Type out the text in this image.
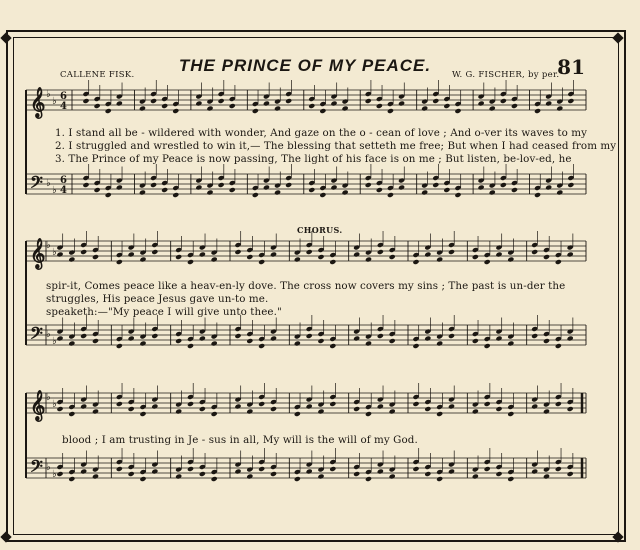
THE PRINCE OF MY PEACE.	81
CALLENE FISK.	W. G. FISCHER, by per.
CHORUS.
𝄞 ♭
♭ 6
4
𝄢 ♭
♭
6
4
𝄞 ♭
♭
𝄢 ♭
♭
𝄞 ♭
♭
𝄢 ♭
♭
1. I stand all be - wildered with wonder, And gaze on the o - cean of love ; And o-ver its waves to my
2. I struggled and wrestled to win it,— The blessing that setteth me free; But when I had ceased from my
3. The Prince of my Peace is now passing, The light of his face is on me ; But listen, be-lov-ed, he
spir-it, Comes peace like a heav-en-ly dove. The cross now covers my sins ; The past is un-der the
struggles, His peace Jesus gave un-to me.
speaketh:—"My peace I will give unto thee."
blood ; I am trusting in Je - sus in all, My will is the will of my God.
